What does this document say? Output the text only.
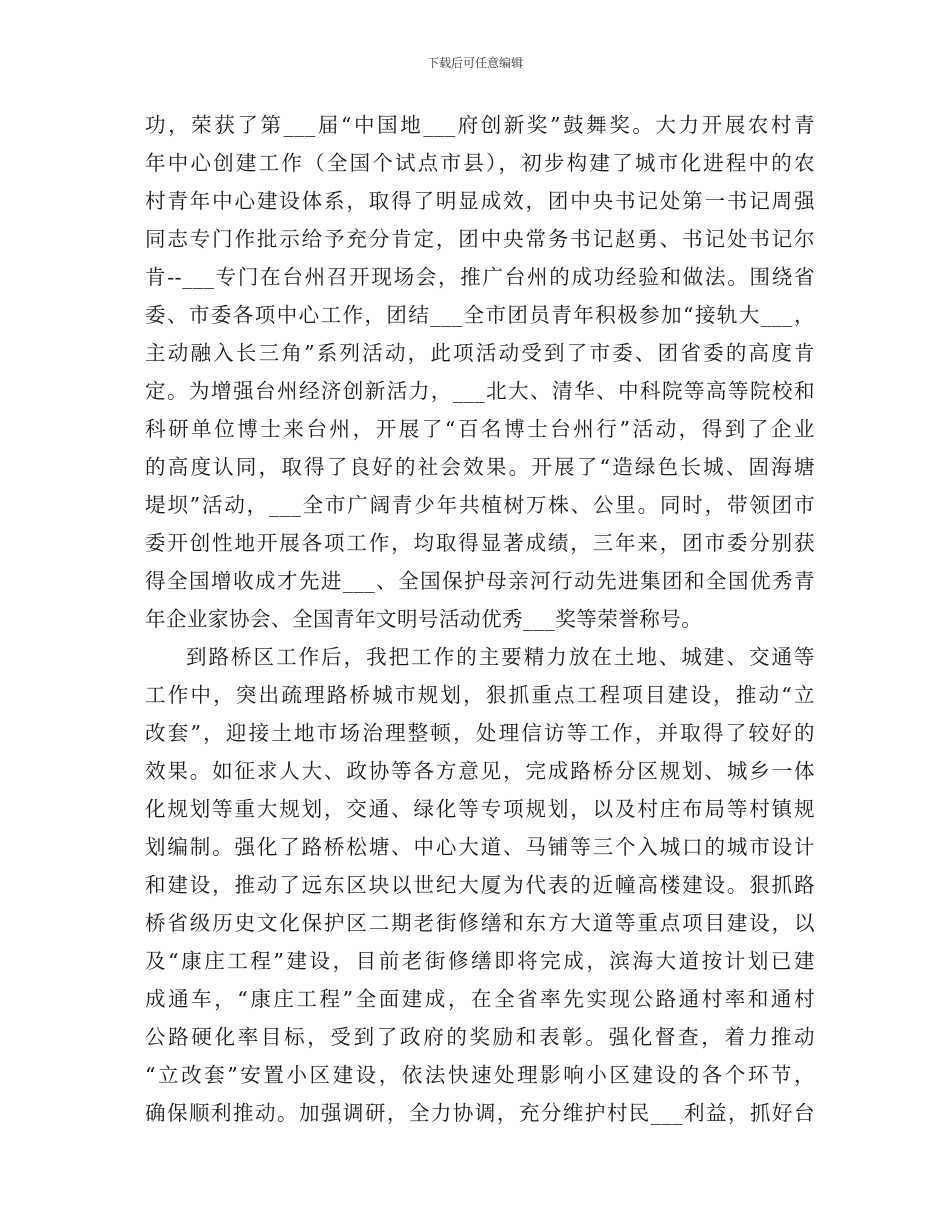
下载后可任意编辑
功，荣获了第___届“中国地___府创新奖”鼓舞奖。大力开展农村青
年中心创建工作（全国个试点市县），初步构建了城市化进程中的农
村青年中心建设体系，取得了明显成效，团中央书记处第一书记周强
同志专门作批示给予充分肯定，团中央常务书记赵勇、书记处书记尔
肯--___专门在台州召开现场会，推广台州的成功经验和做法。围绕省
委、市委各项中心工作，团结___全市团员青年积极参加“接轨大___，
主动融入长三角”系列活动，此项活动受到了市委、团省委的高度肯
定。为增强台州经济创新活力，___北大、清华、中科院等高等院校和
科研单位博士来台州，开展了“百名博士台州行”活动，得到了企业
的高度认同，取得了良好的社会效果。开展了“造绿色长城、固海塘
堤坝”活动，___全市广阔青少年共植树万株、公里。同时，带领团市
委开创性地开展各项工作，均取得显著成绩，三年来，团市委分别获
得全国增收成才先进___、全国保护母亲河行动先进集团和全国优秀青
年企业家协会、全国青年文明号活动优秀___奖等荣誉称号。
到路桥区工作后，我把工作的主要精力放在土地、城建、交通等
工作中，突出疏理路桥城市规划，狠抓重点工程项目建设，推动“立
改套”，迎接土地市场治理整顿，处理信访等工作，并取得了较好的
效果。如征求人大、政协等各方意见，完成路桥分区规划、城乡一体
化规划等重大规划，交通、绿化等专项规划，以及村庄布局等村镇规
划编制。强化了路桥松塘、中心大道、马铺等三个入城口的城市设计
和建设，推动了远东区块以世纪大厦为代表的近幢高楼建设。狠抓路
桥省级历史文化保护区二期老街修缮和东方大道等重点项目建设，以
及“康庄工程”建设，目前老街修缮即将完成，滨海大道按计划已建
成通车，“康庄工程”全面建成，在全省率先实现公路通村率和通村
公路硬化率目标，受到了政府的奖励和表彰。强化督查，着力推动
“立改套”安置小区建设，依法快速处理影响小区建设的各个环节，
确保顺利推动。加强调研，全力协调，充分维护村民___利益，抓好台
